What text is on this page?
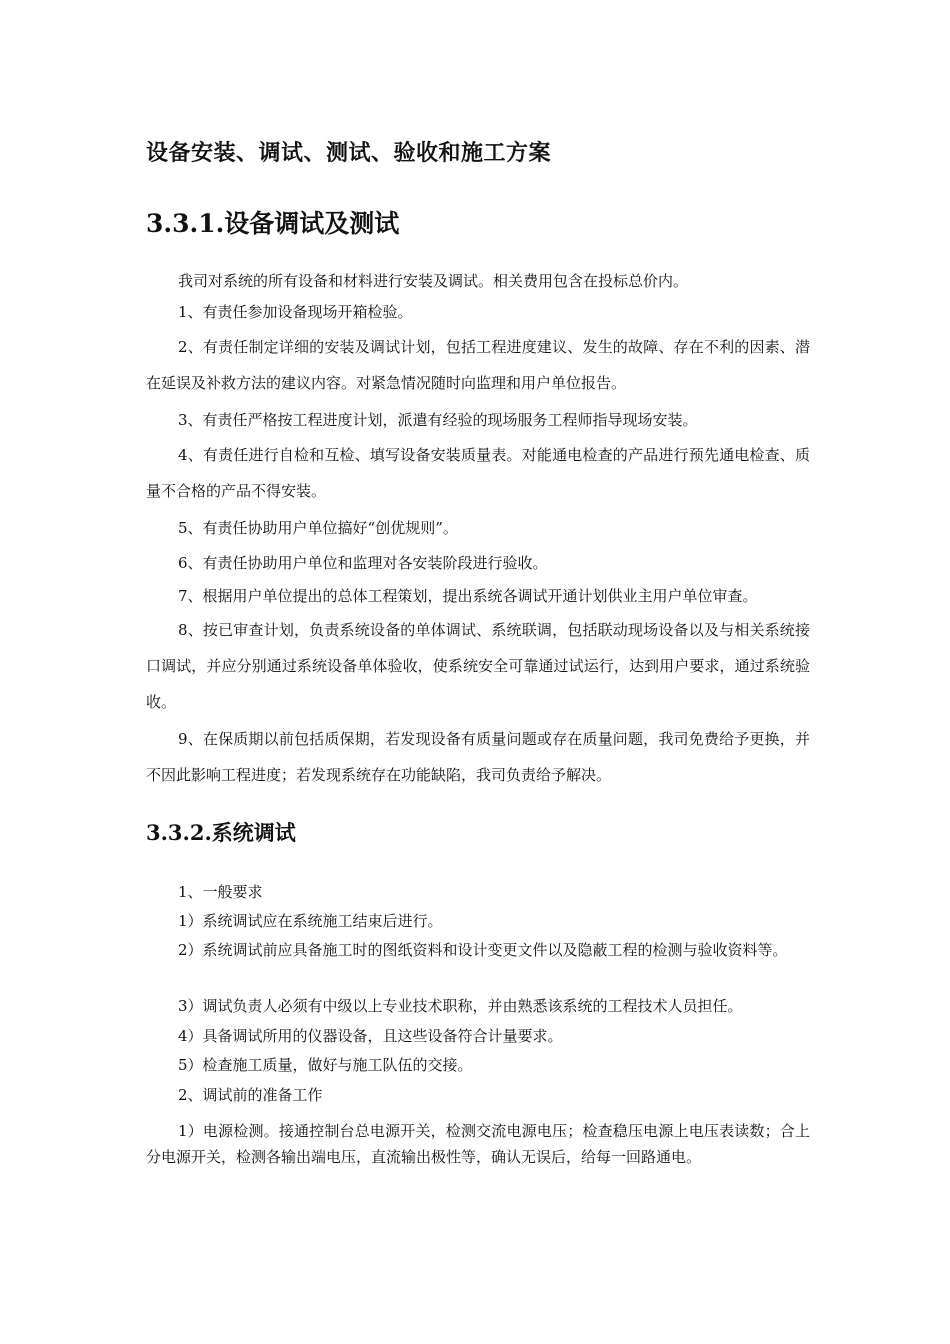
设备安装、调试、测试、验收和施工方案
3.3.1.设备调试及测试

我司对系统的所有设备和材料进行安装及调试。相关费用包含在投标总价内。

1、有责任参加设备现场开箱检验。

2、有责任制定详细的安装及调试计划，包括工程进度建议、发生的故障、存在不利的因素、潜在延误及补救方法的建议内容。对紧急情况随时向监理和用户单位报告。

3、有责任严格按工程进度计划，派遣有经验的现场服务工程师指导现场安装。

4、有责任进行自检和互检、填写设备安装质量表。对能通电检查的产品进行预先通电检查、质量不合格的产品不得安装。

5、有责任协助用户单位搞好“创优规则”。

6、有责任协助用户单位和监理对各安装阶段进行验收。

7、根据用户单位提出的总体工程策划，提出系统各调试开通计划供业主用户单位审查。

8、按已审查计划，负责系统设备的单体调试、系统联调，包括联动现场设备以及与相关系统接口调试，并应分别通过系统设备单体验收，使系统安全可靠通过试运行，达到用户要求，通过系统验收。

9、在保质期以前包括质保期，若发现设备有质量问题或存在质量问题，我司免费给予更换，并不因此影响工程进度；若发现系统存在功能缺陷，我司负责给予解决。

3.3.2.系统调试

1、一般要求

1）系统调试应在系统施工结束后进行。

2）系统调试前应具备施工时的图纸资料和设计变更文件以及隐蔽工程的检测与验收资料等。

3）调试负责人必须有中级以上专业技术职称，并由熟悉该系统的工程技术人员担任。

4）具备调试所用的仪器设备，且这些设备符合计量要求。

5）检查施工质量，做好与施工队伍的交接。

2、调试前的准备工作

1）电源检测。接通控制台总电源开关，检测交流电源电压；检查稳压电源上电压表读数；合上分电源开关，检测各输出端电压，直流输出极性等，确认无误后，给每一回路通电。
